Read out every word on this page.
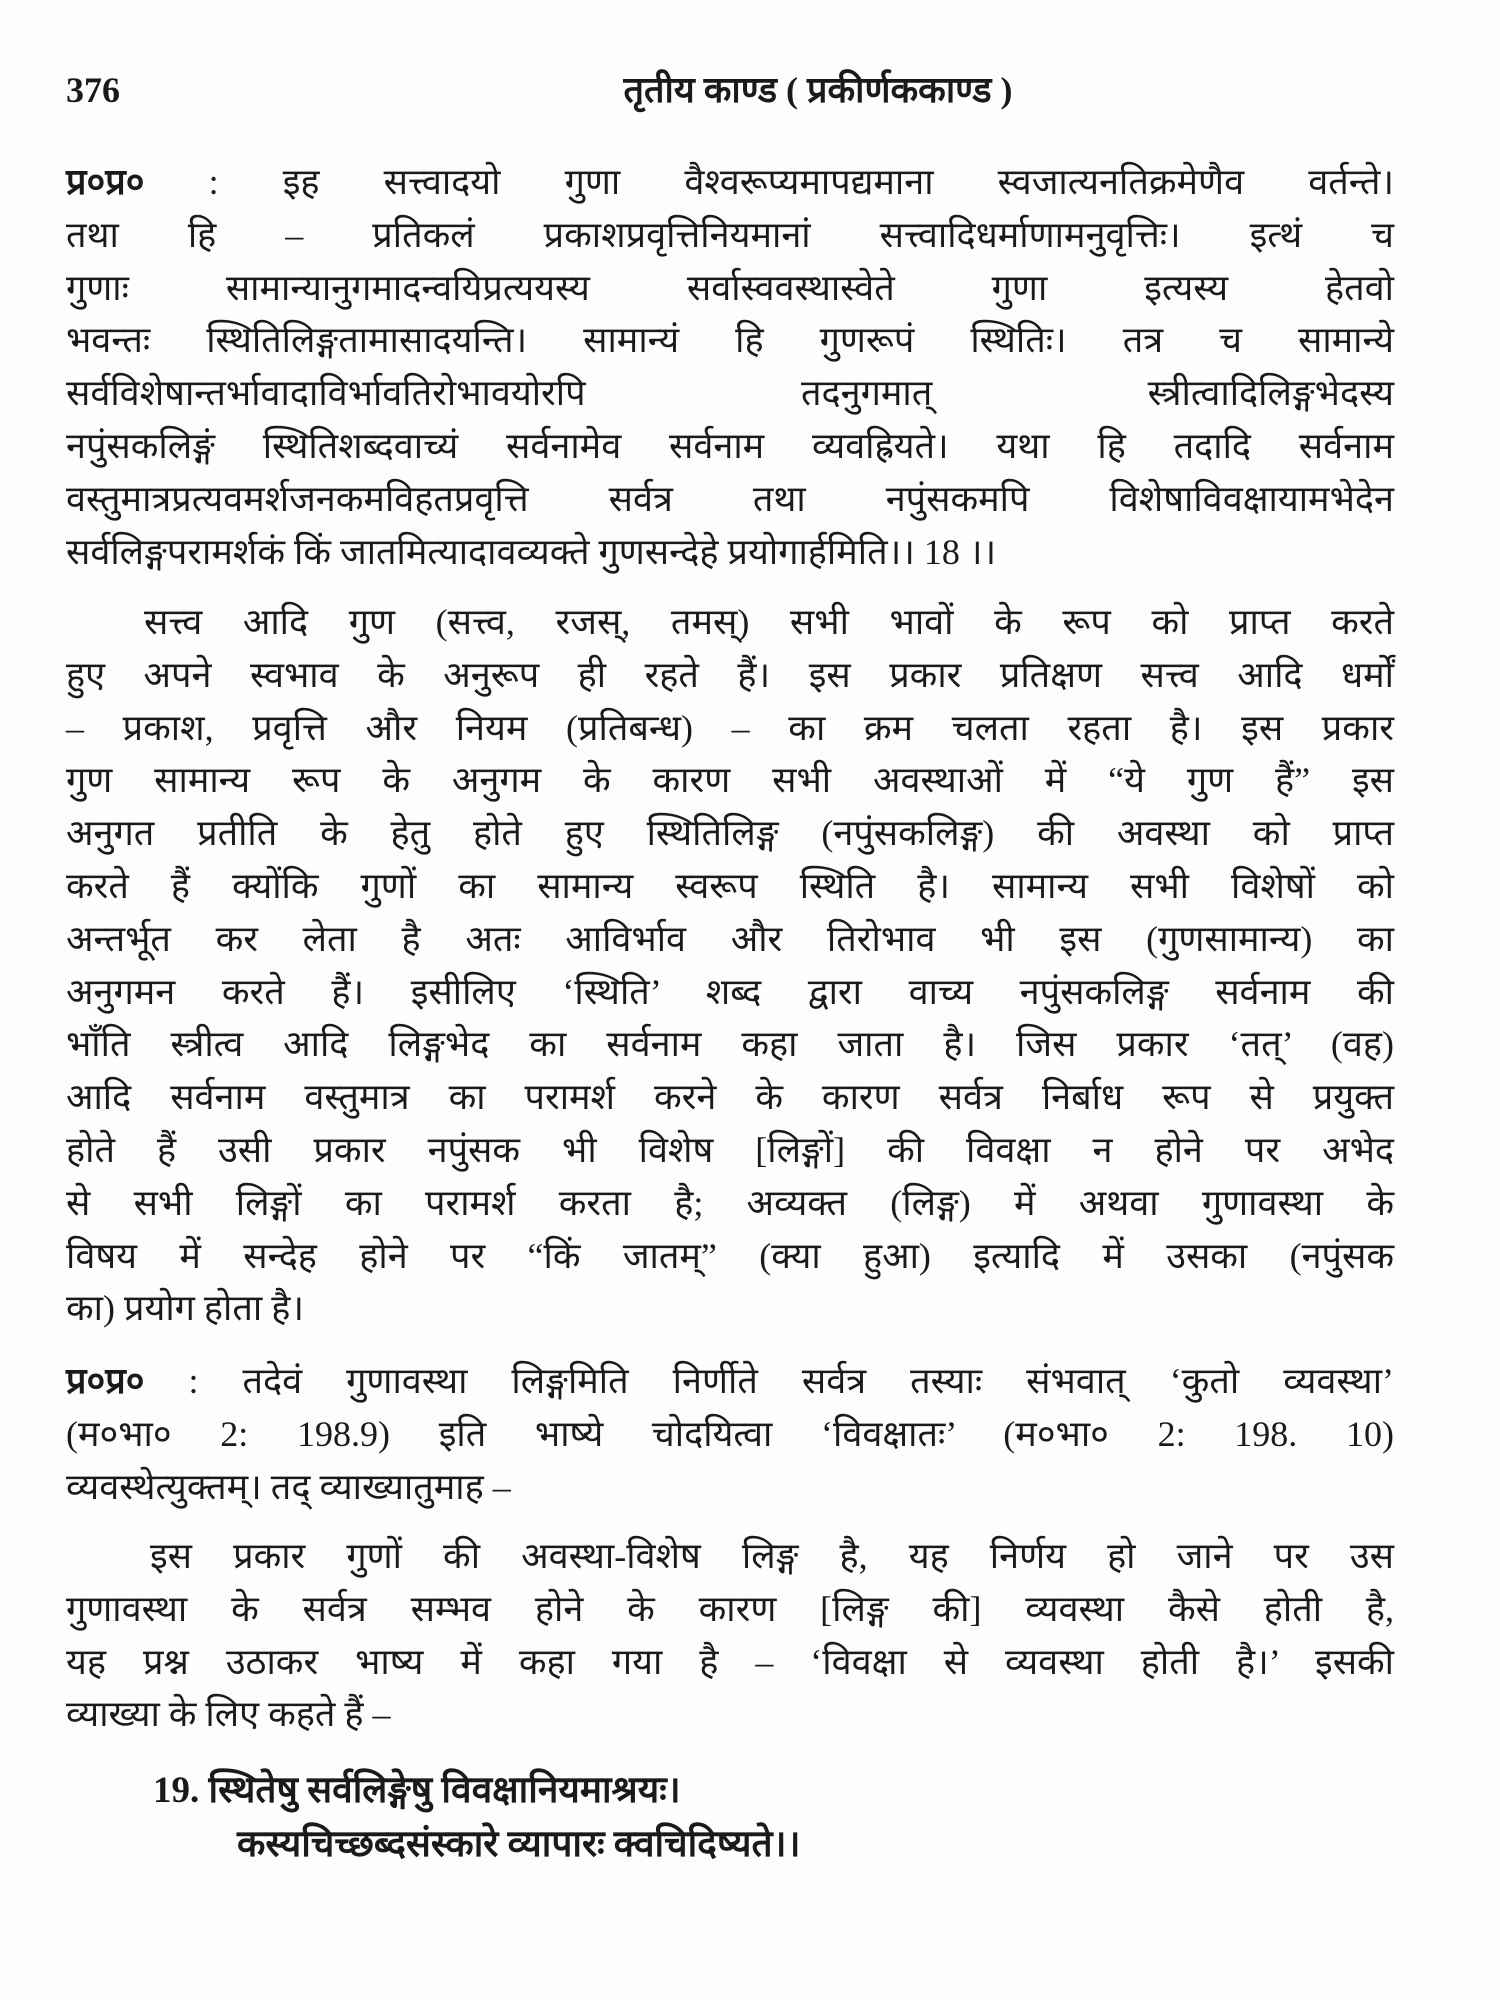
376	तृतीय काण्ड ( प्रकीर्णककाण्ड )
प्र०प्र० : इह सत्त्वादयो गुणा वैश्वरूप्यमापद्यमाना स्वजात्यनतिक्रमेणैव वर्तन्ते।
तथा हि – प्रतिकलं प्रकाशप्रवृत्तिनियमानां सत्त्वादिधर्माणामनुवृत्तिः। इत्थं च
गुणाः सामान्यानुगमादन्वयिप्रत्ययस्य सर्वास्ववस्थास्वेते गुणा इत्यस्य हेतवो
भवन्तः स्थितिलिङ्गतामासादयन्ति। सामान्यं हि गुणरूपं स्थितिः। तत्र च सामान्ये
सर्वविशेषान्तर्भावादाविर्भावतिरोभावयोरपि तदनुगमात् स्त्रीत्वादिलिङ्गभेदस्य
नपुंसकलिङ्गं स्थितिशब्दवाच्यं सर्वनामेव सर्वनाम व्यवह्रियते। यथा हि तदादि सर्वनाम
वस्तुमात्रप्रत्यवमर्शजनकमविहतप्रवृत्ति सर्वत्र तथा नपुंसकमपि विशेषाविवक्षायामभेदेन
सर्वलिङ्गपरामर्शकं किं जातमित्यादावव्यक्ते गुणसन्देहे प्रयोगार्हमिति।। 18 ।।
सत्त्व आदि गुण (सत्त्व, रजस्, तमस्) सभी भावों के रूप को प्राप्त करते
हुए अपने स्वभाव के अनुरूप ही रहते हैं। इस प्रकार प्रतिक्षण सत्त्व आदि धर्मों
– प्रकाश, प्रवृत्ति और नियम (प्रतिबन्ध) – का क्रम चलता रहता है। इस प्रकार
गुण सामान्य रूप के अनुगम के कारण सभी अवस्थाओं में “ये गुण हैं” इस
अनुगत प्रतीति के हेतु होते हुए स्थितिलिङ्ग (नपुंसकलिङ्ग) की अवस्था को प्राप्त
करते हैं क्योंकि गुणों का सामान्य स्वरूप स्थिति है। सामान्य सभी विशेषों को
अन्तर्भूत कर लेता है अतः आविर्भाव और तिरोभाव भी इस (गुणसामान्य) का
अनुगमन करते हैं। इसीलिए ‘स्थिति’ शब्द द्वारा वाच्य नपुंसकलिङ्ग सर्वनाम की
भाँति स्त्रीत्व आदि लिङ्गभेद का सर्वनाम कहा जाता है। जिस प्रकार ‘तत्’ (वह)
आदि सर्वनाम वस्तुमात्र का परामर्श करने के कारण सर्वत्र निर्बाध रूप से प्रयुक्त
होते हैं उसी प्रकार नपुंसक भी विशेष [लिङ्गों] की विवक्षा न होने पर अभेद
से सभी लिङ्गों का परामर्श करता है; अव्यक्त (लिङ्ग) में अथवा गुणावस्था के
विषय में सन्देह होने पर “किं जातम्” (क्या हुआ) इत्यादि में उसका (नपुंसक
का) प्रयोग होता है।
प्र०प्र० : तदेवं गुणावस्था लिङ्गमिति निर्णीते सर्वत्र तस्याः संभवात् ‘कुतो व्यवस्था’
(म०भा० 2: 198.9) इति भाष्ये चोदयित्वा ‘विवक्षातः’ (म०भा० 2: 198. 10)
व्यवस्थेत्युक्तम्। तद् व्याख्यातुमाह –
इस प्रकार गुणों की अवस्था-विशेष लिङ्ग है, यह निर्णय हो जाने पर उस
गुणावस्था के सर्वत्र सम्भव होने के कारण [लिङ्ग की] व्यवस्था कैसे होती है,
यह प्रश्न उठाकर भाष्य में कहा गया है – ‘विवक्षा से व्यवस्था होती है।’ इसकी
व्याख्या के लिए कहते हैं –
19. स्थितेषु सर्वलिङ्गेषु विवक्षानियमाश्रयः।
कस्यचिच्छब्दसंस्कारे व्यापारः क्वचिदिष्यते।।
